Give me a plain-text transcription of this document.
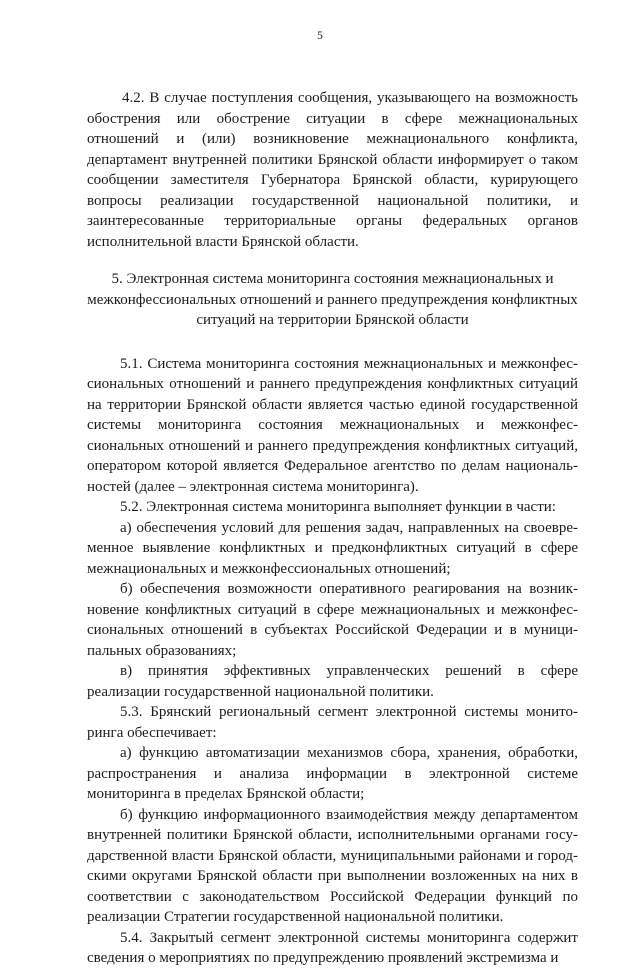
5

4.2. В случае поступления сообщения, указывающего на возможность обострения или обострение ситуации в сфере межнациональных отношений и (или) возникновение межнационального конфликта, департамент внутренней политики Брянской области информирует о таком сообщении заместителя Губернатора Брянской области, курирующего вопросы реализации государственной национальной политики, и заинтересованные территориальные органы федеральных органов исполнительной власти Брянской области.

5. Электронная система мониторинга состояния межнациональных и межконфессиональных отношений и раннего предупреждения конфликтных ситуаций на территории Брянской области

5.1. Система мониторинга состояния межнациональных и межконфессиональных отношений и раннего предупреждения конфликтных ситуаций на территории Брянской области является частью единой государственной системы мониторинга состояния межнациональных и межконфессиональных отношений и раннего предупреждения конфликтных ситуаций, оператором которой является Федеральное агентство по делам национальностей (далее – электронная система мониторинга).

5.2. Электронная система мониторинга выполняет функции в части:

а) обеспечения условий для решения задач, направленных на своевременное выявление конфликтных и предконфликтных ситуаций в сфере межнациональных и межконфессиональных отношений;

б) обеспечения возможности оперативного реагирования на возникновение конфликтных ситуаций в сфере межнациональных и межконфессиональных отношений в субъектах Российской Федерации и в муниципальных образованиях;

в) принятия эффективных управленческих решений в сфере реализации государственной национальной политики.

5.3. Брянский региональный сегмент электронной системы мониторинга обеспечивает:

а) функцию автоматизации механизмов сбора, хранения, обработки, распространения и анализа информации в электронной системе мониторинга в пределах Брянской области;

б) функцию информационного взаимодействия между департаментом внутренней политики Брянской области, исполнительными органами государственной власти Брянской области, муниципальными районами и городскими округами Брянской области при выполнении возложенных на них в соответствии с законодательством Российской Федерации функций по реализации Стратегии государственной национальной политики.

5.4. Закрытый сегмент электронной системы мониторинга содержит сведения о мероприятиях по предупреждению проявлений экстремизма и
